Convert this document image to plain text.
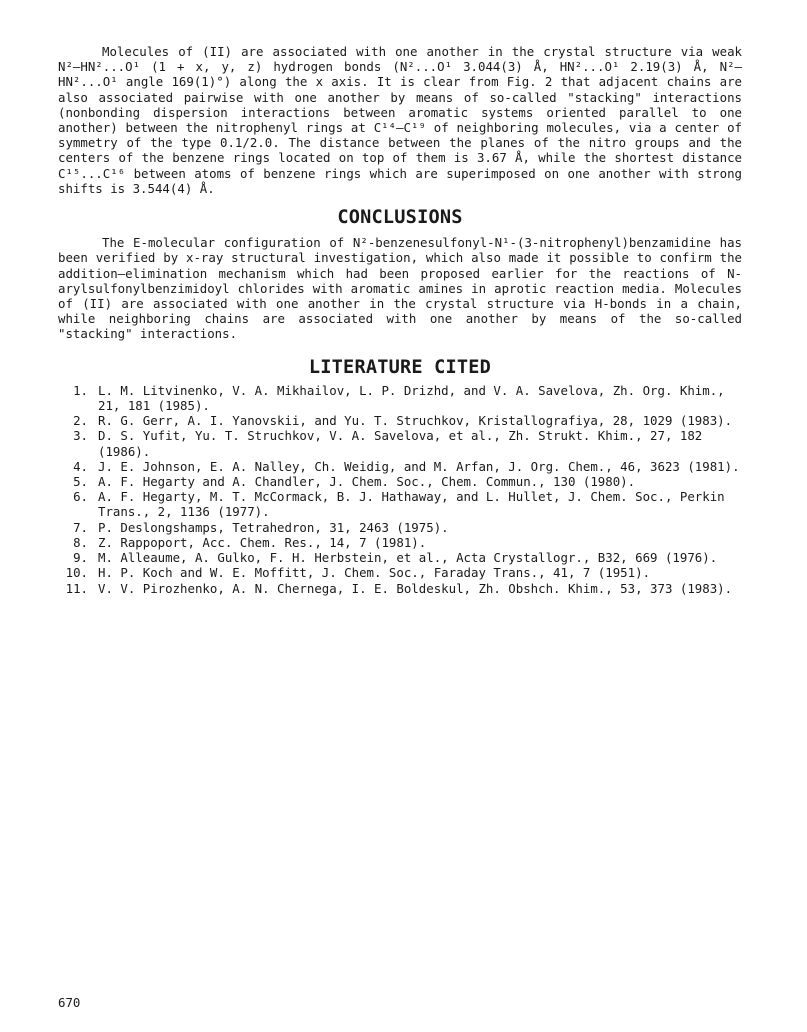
Molecules of (II) are associated with one another in the crystal structure via weak N²–HN²...O¹ (1 + x, y, z) hydrogen bonds (N²...O¹ 3.044(3) Å, HN²...O¹ 2.19(3) Å, N²–HN²...O¹ angle 169(1)°) along the x axis. It is clear from Fig. 2 that adjacent chains are also associated pairwise with one another by means of so-called "stacking" interactions (nonbonding dispersion interactions between aromatic systems oriented parallel to one another) between the nitrophenyl rings at C¹⁴–C¹⁹ of neighboring molecules, via a center of symmetry of the type 0.1/2.0. The distance between the planes of the nitro groups and the centers of the benzene rings located on top of them is 3.67 Å, while the shortest distance C¹⁵...C¹⁶ between atoms of benzene rings which are superimposed on one another with strong shifts is 3.544(4) Å.

CONCLUSIONS

The E-molecular configuration of N²-benzenesulfonyl-N¹-(3-nitrophenyl)benzamidine has been verified by x-ray structural investigation, which also made it possible to confirm the addition–elimination mechanism which had been proposed earlier for the reactions of N-arylsulfonylbenzimidoyl chlorides with aromatic amines in aprotic reaction media. Molecules of (II) are associated with one another in the crystal structure via H-bonds in a chain, while neighboring chains are associated with one another by means of the so-called "stacking" interactions.

LITERATURE CITED
1. L. M. Litvinenko, V. A. Mikhailov, L. P. Drizhd, and V. A. Savelova, Zh. Org. Khim., 21, 181 (1985).
2. R. G. Gerr, A. I. Yanovskii, and Yu. T. Struchkov, Kristallografiya, 28, 1029 (1983).
3. D. S. Yufit, Yu. T. Struchkov, V. A. Savelova, et al., Zh. Strukt. Khim., 27, 182 (1986).
4. J. E. Johnson, E. A. Nalley, Ch. Weidig, and M. Arfan, J. Org. Chem., 46, 3623 (1981).
5. A. F. Hegarty and A. Chandler, J. Chem. Soc., Chem. Commun., 130 (1980).
6. A. F. Hegarty, M. T. McCormack, B. J. Hathaway, and L. Hullet, J. Chem. Soc., Perkin Trans., 2, 1136 (1977).
7. P. Deslongshamps, Tetrahedron, 31, 2463 (1975).
8. Z. Rappoport, Acc. Chem. Res., 14, 7 (1981).
9. M. Alleaume, A. Gulko, F. H. Herbstein, et al., Acta Crystallogr., B32, 669 (1976).
10. H. P. Koch and W. E. Moffitt, J. Chem. Soc., Faraday Trans., 41, 7 (1951).
11. V. V. Pirozhenko, A. N. Chernega, I. E. Boldeskul, Zh. Obshch. Khim., 53, 373 (1983).

670
